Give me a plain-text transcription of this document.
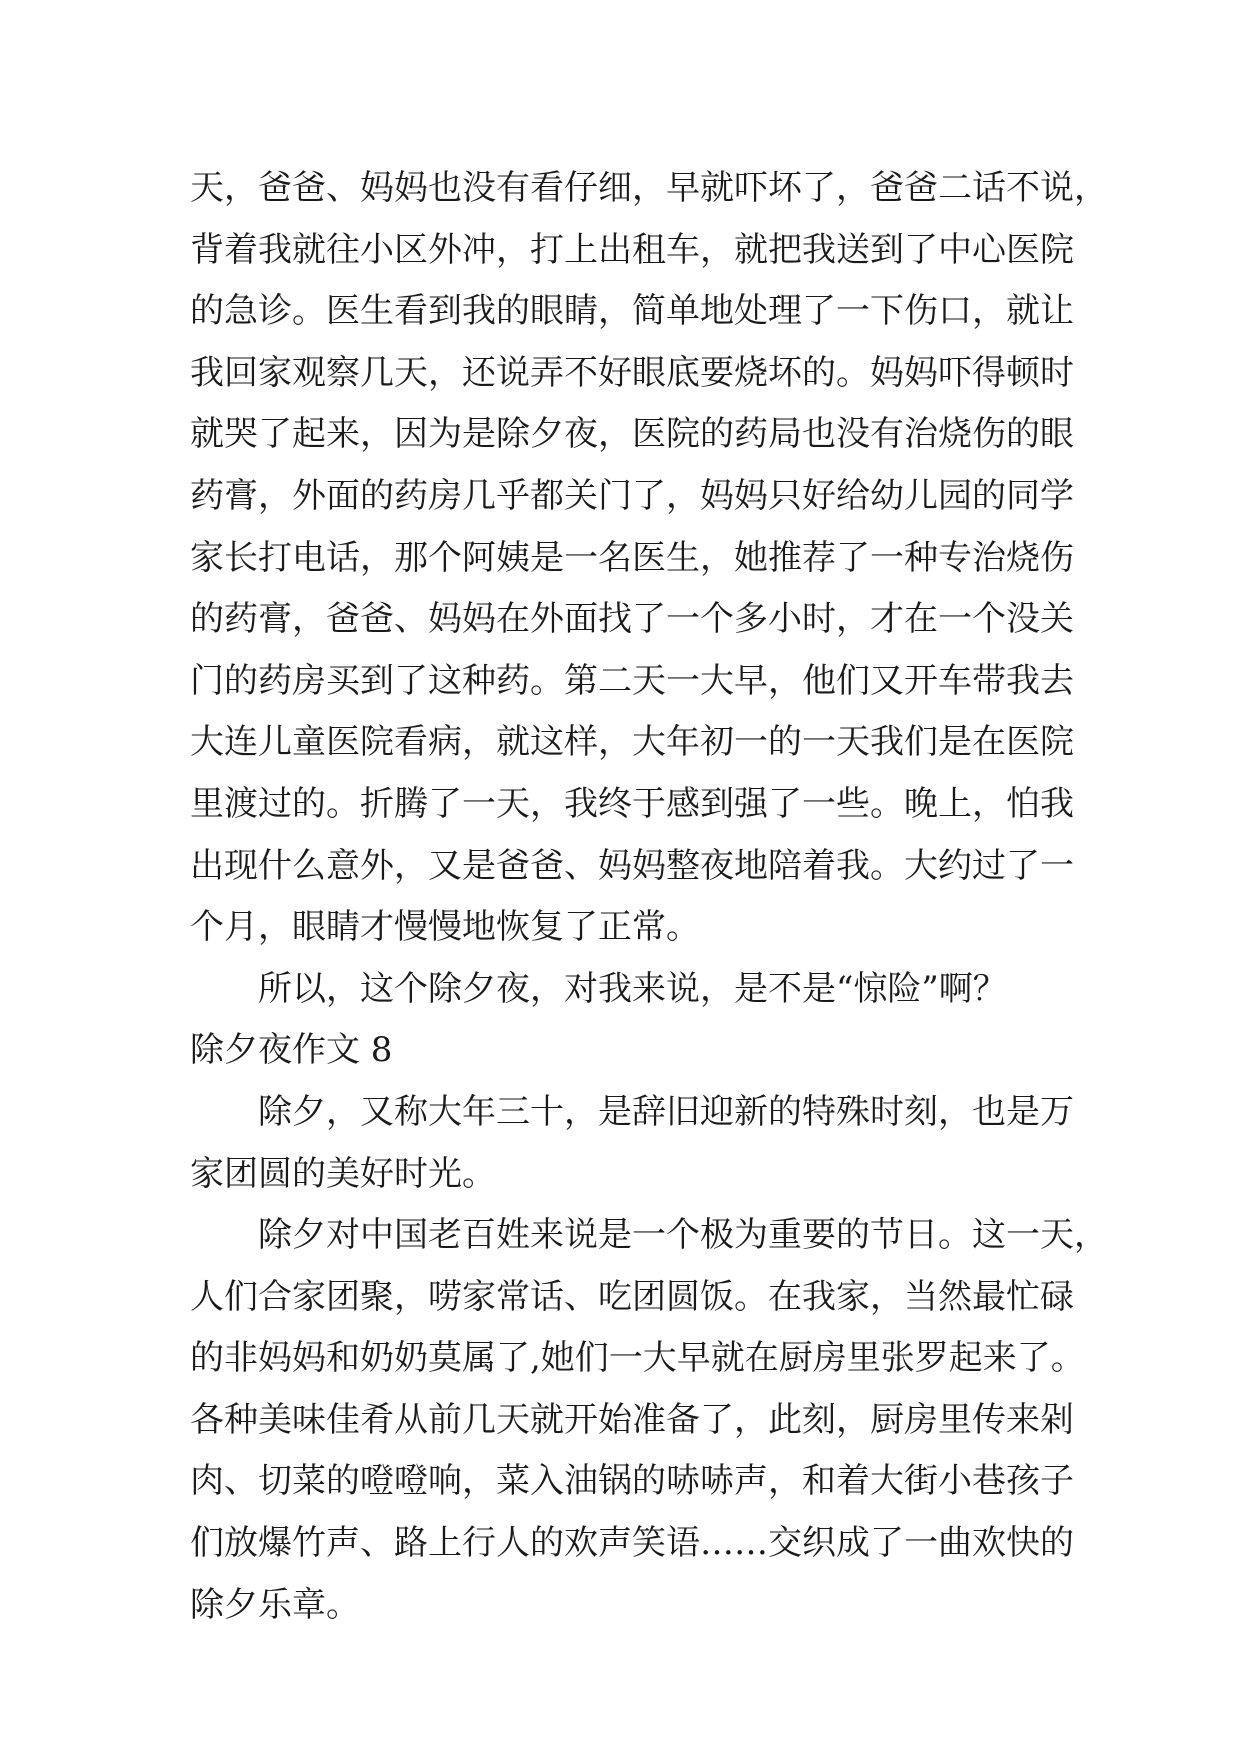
天，爸爸、妈妈也没有看仔细，早就吓坏了，爸爸二话不说，
背着我就往小区外冲，打上出租车，就把我送到了中心医院
的急诊。医生看到我的眼睛，简单地处理了一下伤口，就让
我回家观察几天，还说弄不好眼底要烧坏的。妈妈吓得顿时
就哭了起来，因为是除夕夜，医院的药局也没有治烧伤的眼
药膏，外面的药房几乎都关门了，妈妈只好给幼儿园的同学
家长打电话，那个阿姨是一名医生，她推荐了一种专治烧伤
的药膏，爸爸、妈妈在外面找了一个多小时，才在一个没关
门的药房买到了这种药。第二天一大早，他们又开车带我去
大连儿童医院看病，就这样，大年初一的一天我们是在医院
里渡过的。折腾了一天，我终于感到强了一些。晚上，怕我
出现什么意外，又是爸爸、妈妈整夜地陪着我。大约过了一
个月，眼睛才慢慢地恢复了正常。
所以，这个除夕夜，对我来说，是不是“惊险”啊？
除夕夜作文 8
除夕，又称大年三十，是辞旧迎新的特殊时刻，也是万
家团圆的美好时光。
除夕对中国老百姓来说是一个极为重要的节日。这一天，
人们合家团聚，唠家常话、吃团圆饭。在我家，当然最忙碌
的非妈妈和奶奶莫属了,她们一大早就在厨房里张罗起来了。
各种美味佳肴从前几天就开始准备了，此刻，厨房里传来剁
肉、切菜的噔噔响，菜入油锅的哧哧声，和着大街小巷孩子
们放爆竹声、路上行人的欢声笑语……交织成了一曲欢快的
除夕乐章。
